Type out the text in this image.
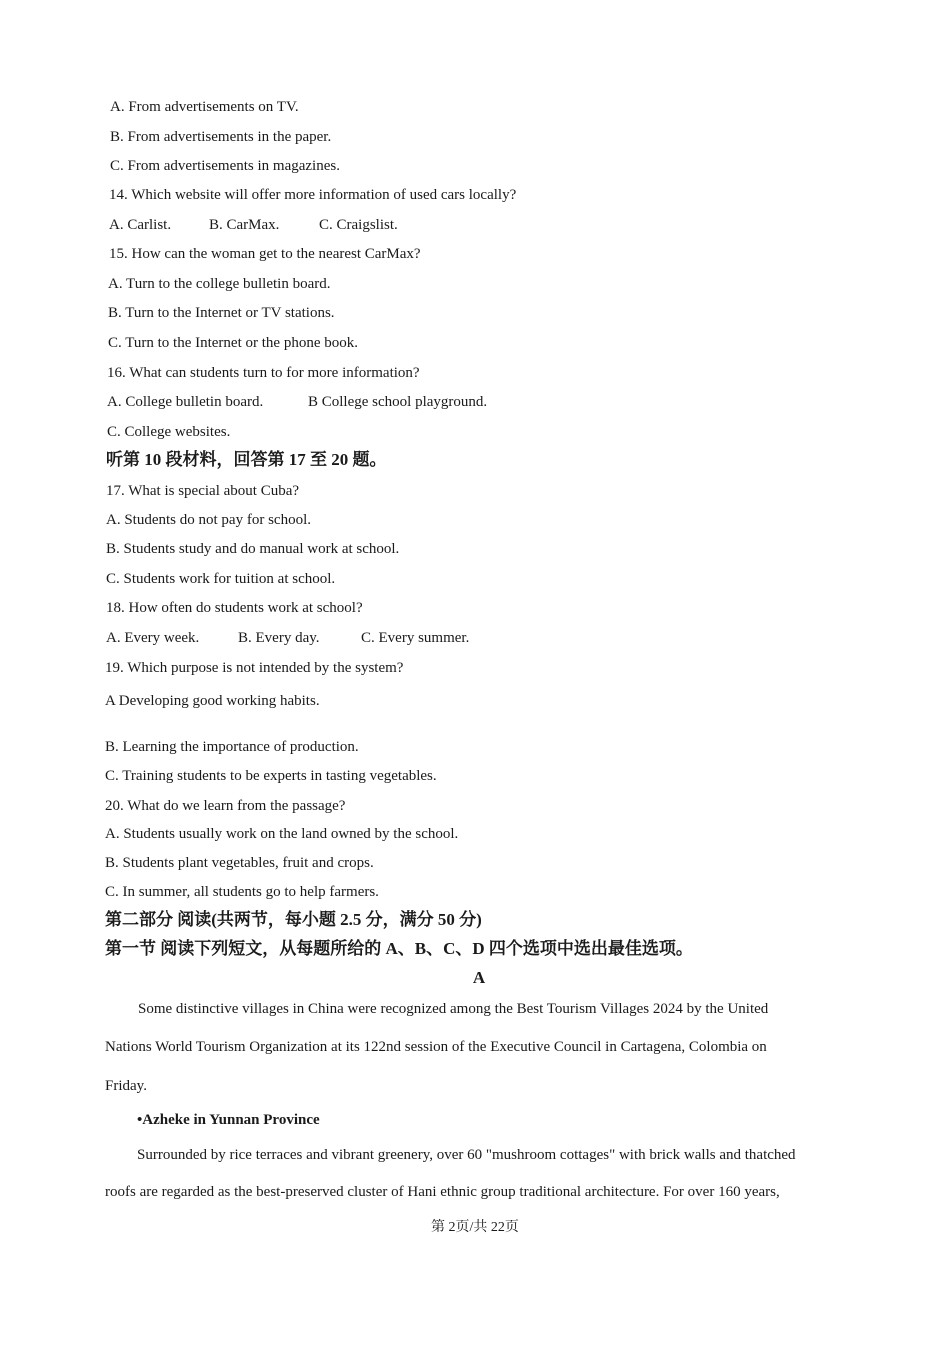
A. From advertisements on TV.
B. From advertisements in the paper.
C. From advertisements in magazines.
14. Which website will offer more information of used cars locally?
A. Carlist.	B. CarMax.	C. Craigslist.
15. How can the woman get to the nearest CarMax?
A. Turn to the college bulletin board.
B. Turn to the Internet or TV stations.
C. Turn to the Internet or the phone book.
16. What can students turn to for more information?
A. College bulletin board.	B College school playground.
C. College websites.
听第 10 段材料，回答第 17 至 20 题。
17. What is special about Cuba?
A. Students do not pay for school.
B. Students study and do manual work at school.
C. Students work for tuition at school.
18. How often do students work at school?
A. Every week.	B. Every day.	C. Every summer.
19. Which purpose is not intended by the system?
A Developing good working habits.
B. Learning the importance of production.
C. Training students to be experts in tasting vegetables.
20. What do we learn from the passage?
A. Students usually work on the land owned by the school.
B. Students plant vegetables, fruit and crops.
C. In summer, all students go to help farmers.
第二部分 阅读(共两节，每小题 2.5 分，满分 50 分)
第一节 阅读下列短文，从每题所给的 A、B、C、D 四个选项中选出最佳选项。
A
Some distinctive villages in China were recognized among the Best Tourism Villages 2024 by the United
Nations World Tourism Organization at its 122nd session of the Executive Council in Cartagena, Colombia on
Friday.
•Azheke in Yunnan Province
Surrounded by rice terraces and vibrant greenery, over 60 "mushroom cottages" with brick walls and thatched
roofs are regarded as the best-preserved cluster of Hani ethnic group traditional architecture. For over 160 years,
第 2页/共 22页
